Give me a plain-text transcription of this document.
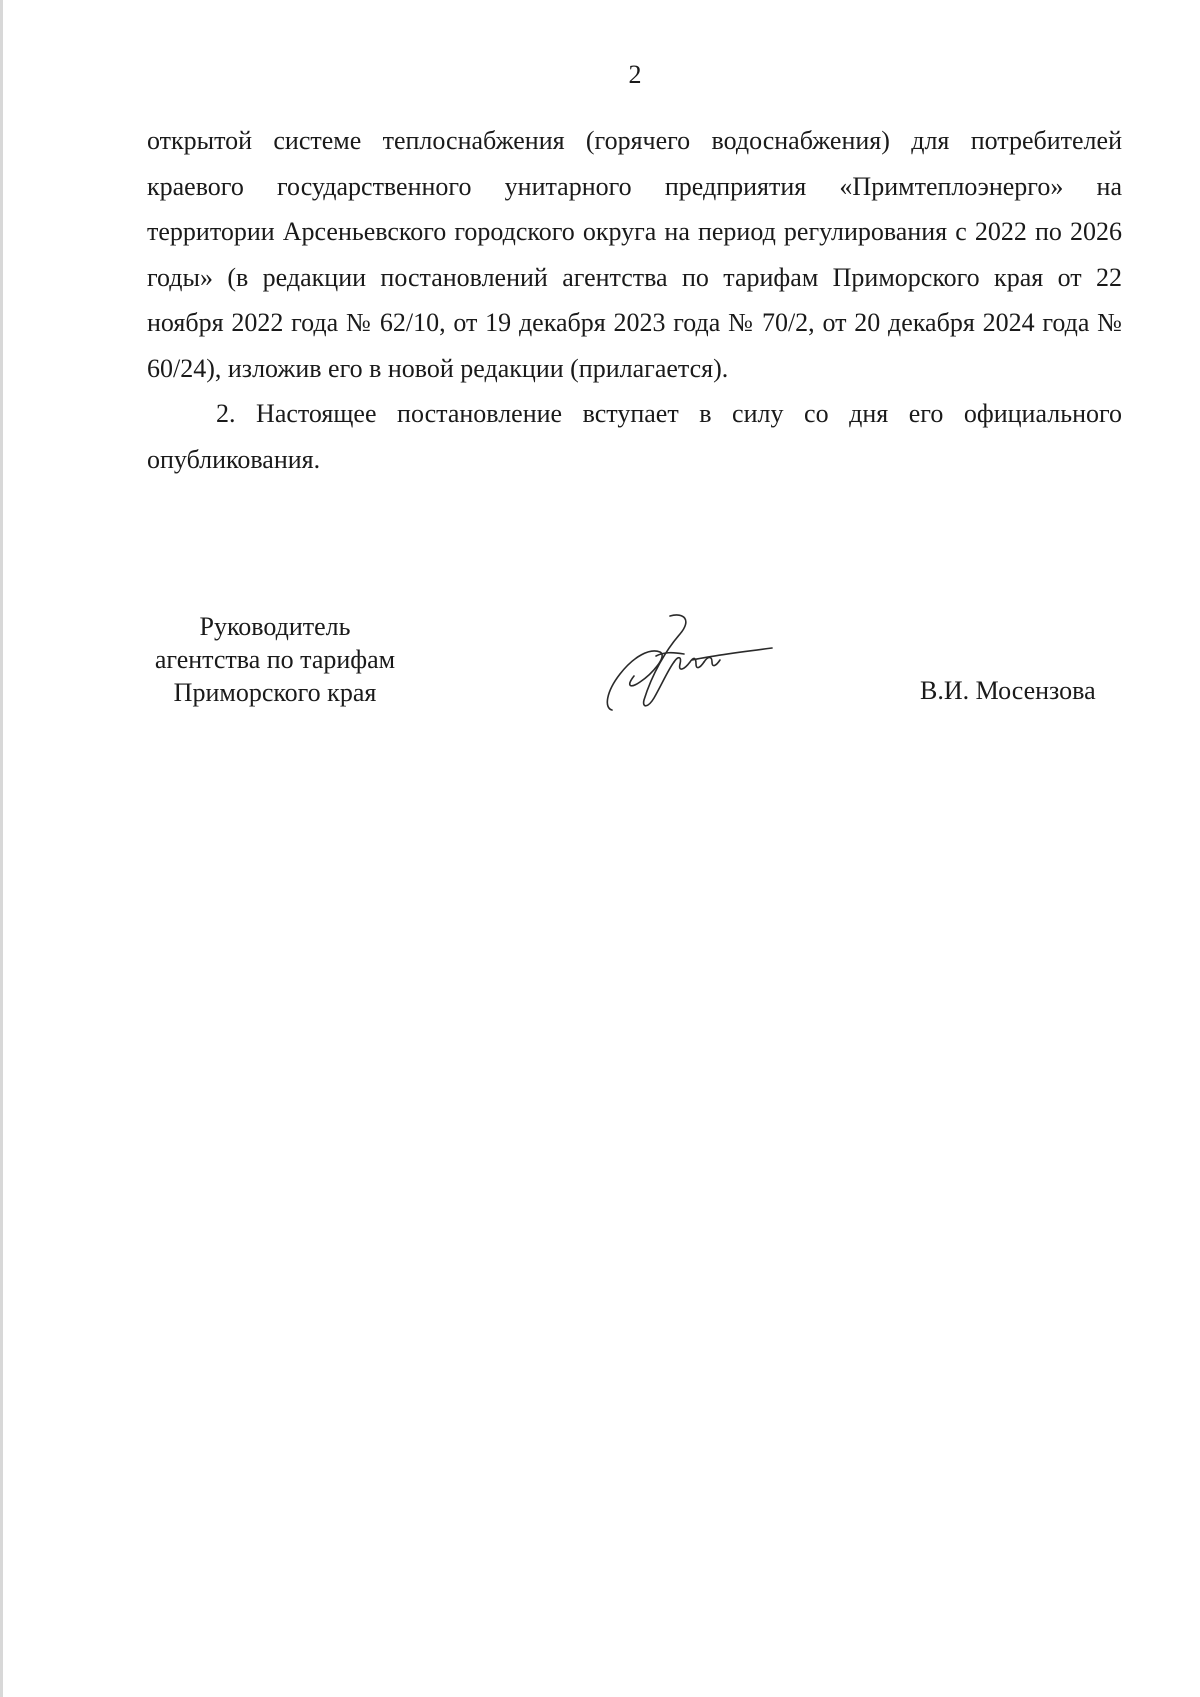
2

открытой системе теплоснабжения (горячего водоснабжения) для потребителей краевого государственного унитарного предприятия «Примтеплоэнерго» на территории Арсеньевского городского округа на период регулирования с 2022 по 2026 годы» (в редакции постановлений агентства по тарифам Приморского края от 22 ноября 2022 года № 62/10, от 19 декабря 2023 года № 70/2, от 20 декабря 2024 года № 60/24), изложив его в новой редакции (прилагается).

2. Настоящее постановление вступает в силу со дня его официального опубликования.

Руководитель
агентства по тарифам
Приморского края	В.И. Мосензова
